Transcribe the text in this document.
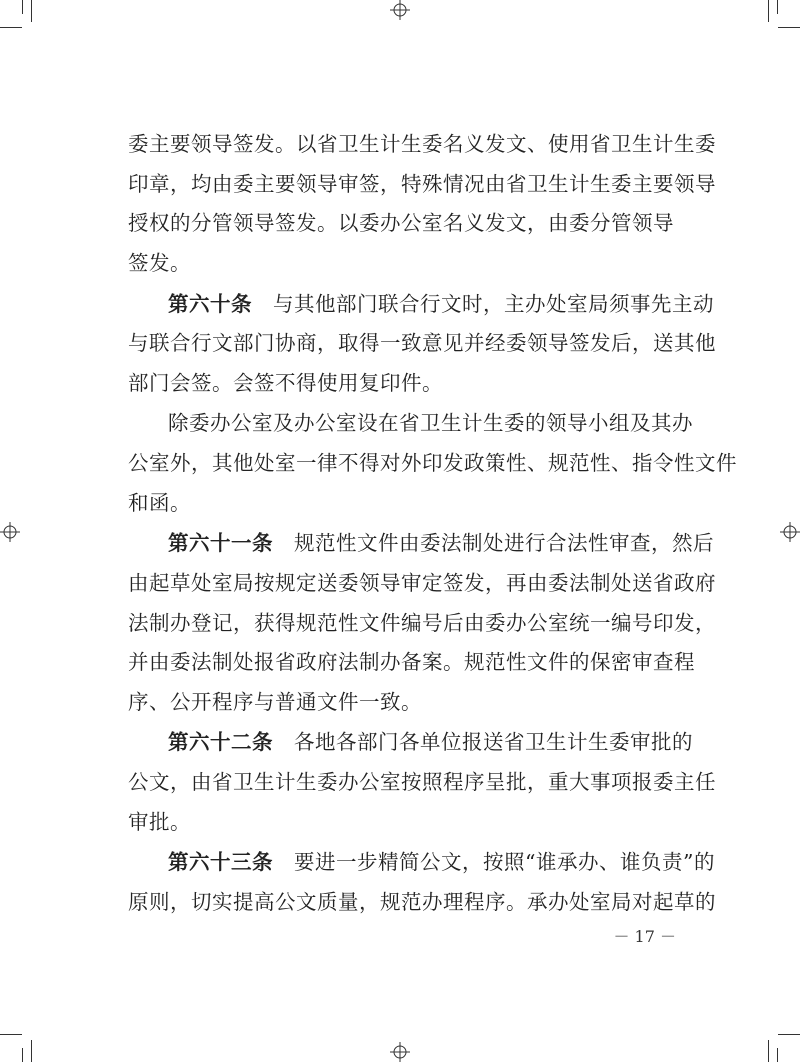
委主要领导签发。以省卫生计生委名义发文、使用省卫生计生委
印章，均由委主要领导审签，特殊情况由省卫生计生委主要领导
授权的分管领导签发。以委办公室名义发文，由委分管领导
签发。
第六十条　 与其他部门联合行文时，主办处室局须事先主动
与联合行文部门协商，取得一致意见并经委领导签发后，送其他
部门会签。会签不得使用复印件。
除委办公室及办公室设在省卫生计生委的领导小组及其办
公室外，其他处室一律不得对外印发政策性、规范性、指令性文件
和函。
第六十一条　 规范性文件由委法制处进行合法性审查，然后
由起草处室局按规定送委领导审定签发，再由委法制处送省政府
法制办登记，获得规范性文件编号后由委办公室统一编号印发，
并由委法制处报省政府法制办备案。规范性文件的保密审查程
序、公开程序与普通文件一致。
第六十二条　 各地各部门各单位报送省卫生计生委审批的
公文，由省卫生计生委办公室按照程序呈批，重大事项报委主任
审批。
第六十三条　 要进一步精简公文，按照“谁承办、谁负责”的
原则，切实提高公文质量，规范办理程序。承办处室局对起草的
－ 17 －
